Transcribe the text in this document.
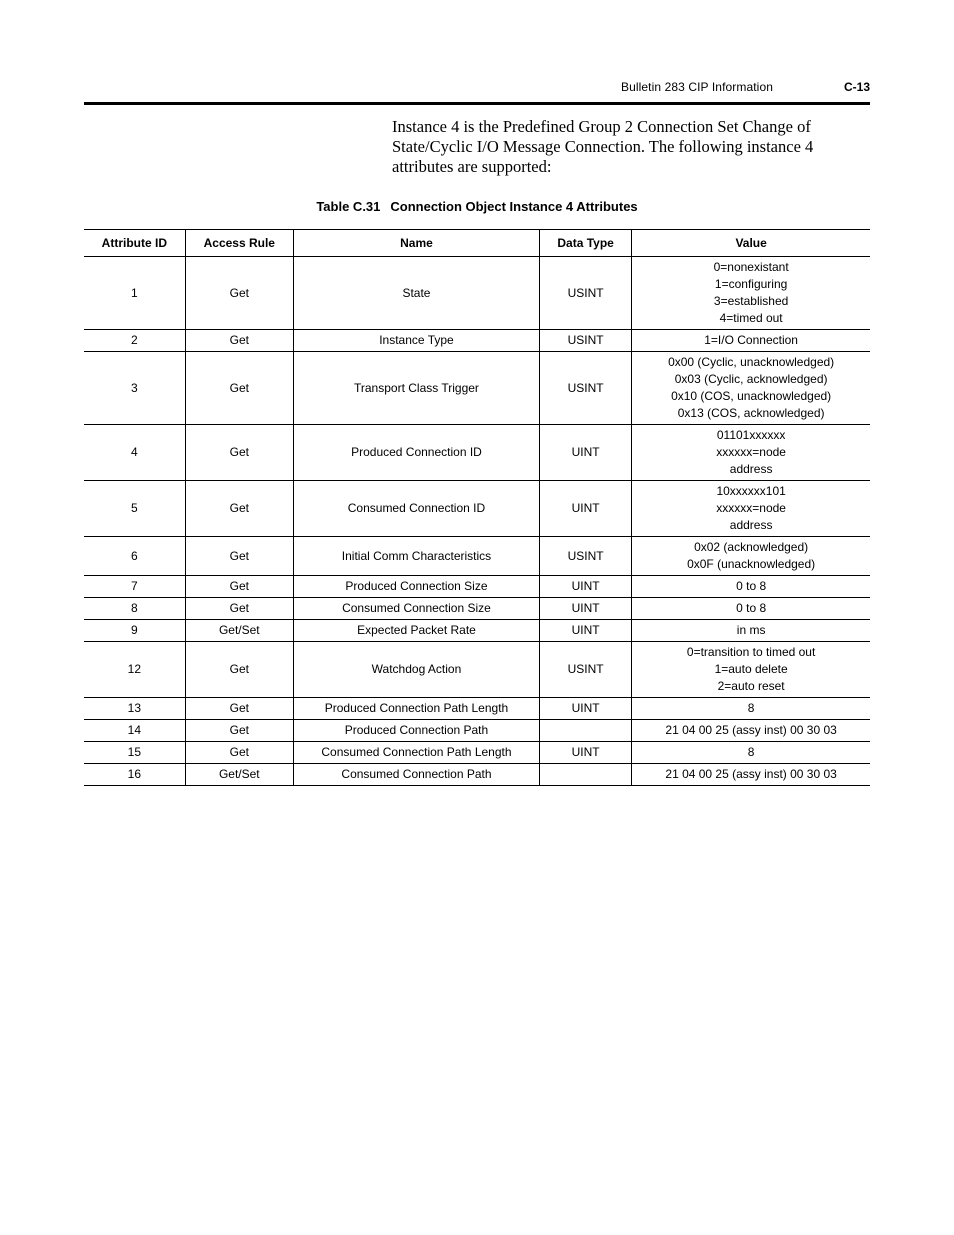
Bulletin 283 CIP Information	C-13

Instance 4 is the Predefined Group 2 Connection Set Change of State/Cyclic I/O Message Connection. The following instance 4 attributes are supported:

Table C.31 Connection Object Instance 4 Attributes
Attribute ID	Access Rule	Name	Data Type	Value
1	Get	State	USINT	0=nonexistant
1=configuring
3=established
4=timed out

2	Get	Instance Type	USINT	1=I/O Connection

3	Get	Transport Class Trigger	USINT	0x00 (Cyclic, unacknowledged)
0x03 (Cyclic, acknowledged)
0x10 (COS, unacknowledged)
0x13 (COS, acknowledged)

4	Get	Produced Connection ID	UINT	01101xxxxxx
xxxxxx=node
address

5	Get	Consumed Connection ID	UINT	10xxxxxx101
xxxxxx=node
address

6	Get	Initial Comm Characteristics	USINT	0x02 (acknowledged)
0x0F (unacknowledged)

7	Get	Produced Connection Size	UINT	0 to 8

8	Get	Consumed Connection Size	UINT	0 to 8

9	Get/Set	Expected Packet Rate	UINT	in ms

12	Get	Watchdog Action	USINT	0=transition to timed out
1=auto delete
2=auto reset

13	Get	Produced Connection Path Length	UINT	8

14	Get	Produced Connection Path		21 04 00 25 (assy inst) 00 30 03

15	Get	Consumed Connection Path Length	UINT	8

16	Get/Set	Consumed Connection Path		21 04 00 25 (assy inst) 00 30 03
